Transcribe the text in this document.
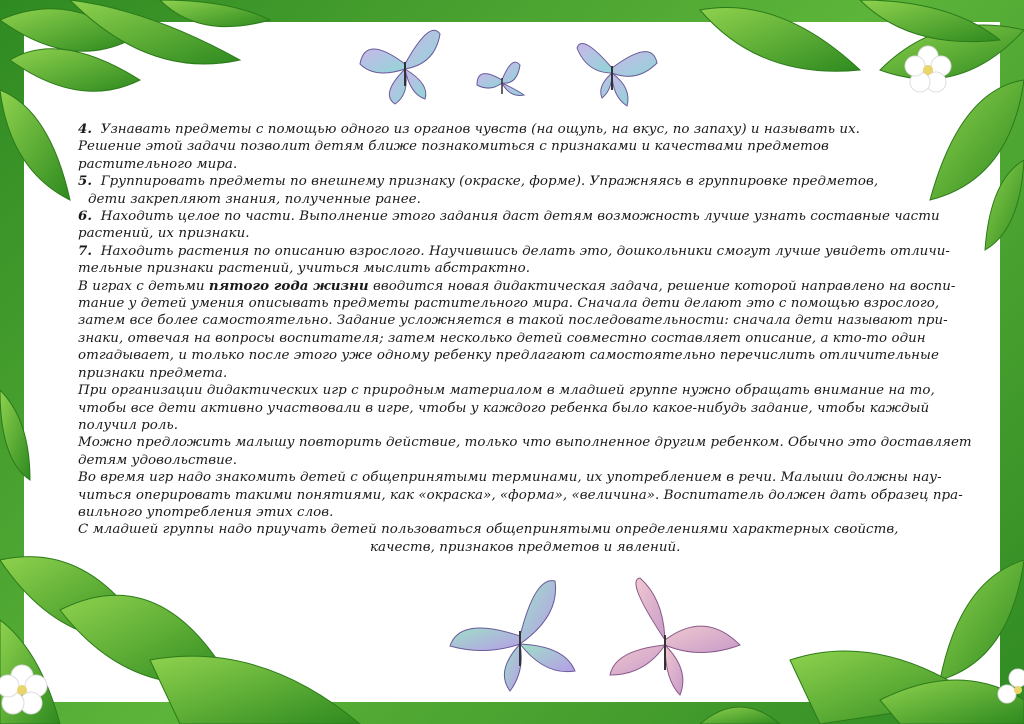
4. Узнавать предметы с помощью одного из органов чувств (на ощупь, на вкус, по запаху) и называть их.
Решение этой задачи позволит детям ближе познакомиться с признаками и качествами предметов
растительного мира.
5. Группировать предметы по внешнему признаку (окраске, форме). Упражняясь в группировке предметов,
дети закрепляют знания, полученные ранее.
6. Находить целое по части. Выполнение этого задания даст детям возможность лучше узнать составные части
растений, их признаки.
7. Находить растения по описанию взрослого. Научившись делать это, дошкольники смогут лучше увидеть отличи-
тельные признаки растений, учиться мыслить абстрактно.
В играх с детьми пятого года жизни вводится новая дидактическая задача, решение которой направлено на воспи-
тание у детей умения описывать предметы растительного мира. Сначала дети делают это с помощью взрослого,
затем все более самостоятельно. Задание усложняется в такой последовательности: сначала дети называют при-
знаки, отвечая на вопросы воспитателя; затем несколько детей совместно составляет описание, а кто-то один
отгадывает, и только после этого уже одному ребенку предлагают самостоятельно перечислить отличительные
признаки предмета.
При организации дидактических игр с природным материалом в младшей группе нужно обращать внимание на то,
чтобы все дети активно участвовали в игре, чтобы у каждого ребенка было какое-нибудь задание, чтобы каждый
получил роль.
Можно предложить малышу повторить действие, только что выполненное другим ребенком. Обычно это доставляет
детям удовольствие.
Во время игр надо знакомить детей с общепринятыми терминами, их употреблением в речи. Малыши должны нау-
читься оперировать такими понятиями, как «окраска», «форма», «величина». Воспитатель должен дать образец пра-
вильного употребления этих слов.
С младшей группы надо приучать детей пользоваться общепринятыми определениями характерных свойств,
качеств, признаков предметов и явлений.
